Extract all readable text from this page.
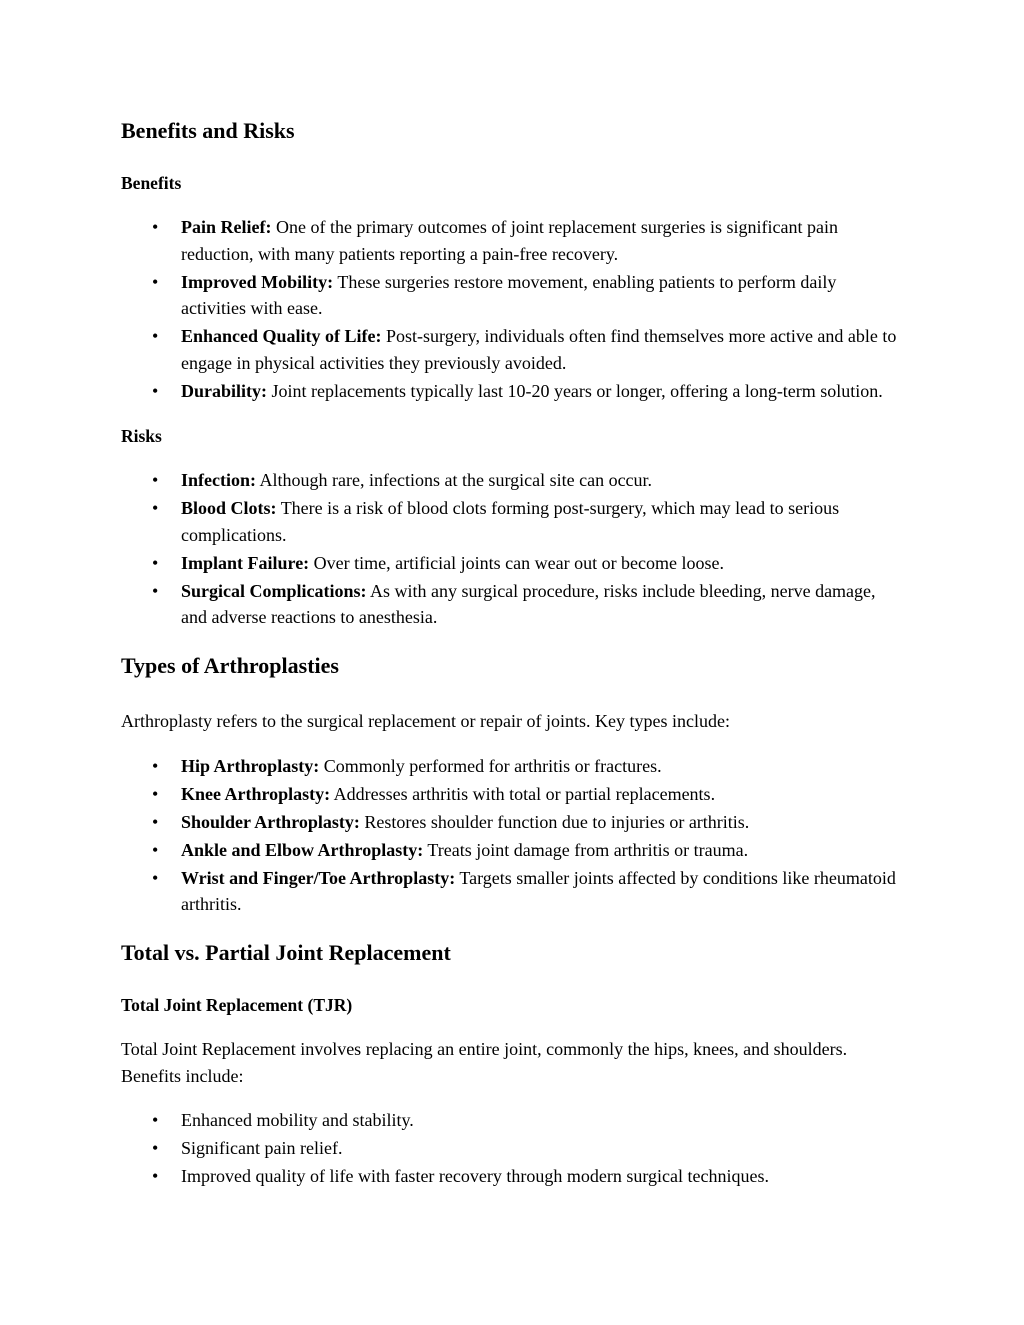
Benefits and Risks
Benefits
• Pain Relief: One of the primary outcomes of joint replacement surgeries is significant pain reduction, with many patients reporting a pain-free recovery.
• Improved Mobility: These surgeries restore movement, enabling patients to perform daily activities with ease.
• Enhanced Quality of Life: Post-surgery, individuals often find themselves more active and able to engage in physical activities they previously avoided.
• Durability: Joint replacements typically last 10-20 years or longer, offering a long-term solution.
Risks
• Infection: Although rare, infections at the surgical site can occur.
• Blood Clots: There is a risk of blood clots forming post-surgery, which may lead to serious complications.
• Implant Failure: Over time, artificial joints can wear out or become loose.
• Surgical Complications: As with any surgical procedure, risks include bleeding, nerve damage, and adverse reactions to anesthesia.
Types of Arthroplasties

Arthroplasty refers to the surgical replacement or repair of joints. Key types include:

• Hip Arthroplasty: Commonly performed for arthritis or fractures.
• Knee Arthroplasty: Addresses arthritis with total or partial replacements.
• Shoulder Arthroplasty: Restores shoulder function due to injuries or arthritis.
• Ankle and Elbow Arthroplasty: Treats joint damage from arthritis or trauma.
• Wrist and Finger/Toe Arthroplasty: Targets smaller joints affected by conditions like rheumatoid arthritis.
Total vs. Partial Joint Replacement
Total Joint Replacement (TJR)

Total Joint Replacement involves replacing an entire joint, commonly the hips, knees, and shoulders. Benefits include:

• Enhanced mobility and stability.
• Significant pain relief.
• Improved quality of life with faster recovery through modern surgical techniques.
